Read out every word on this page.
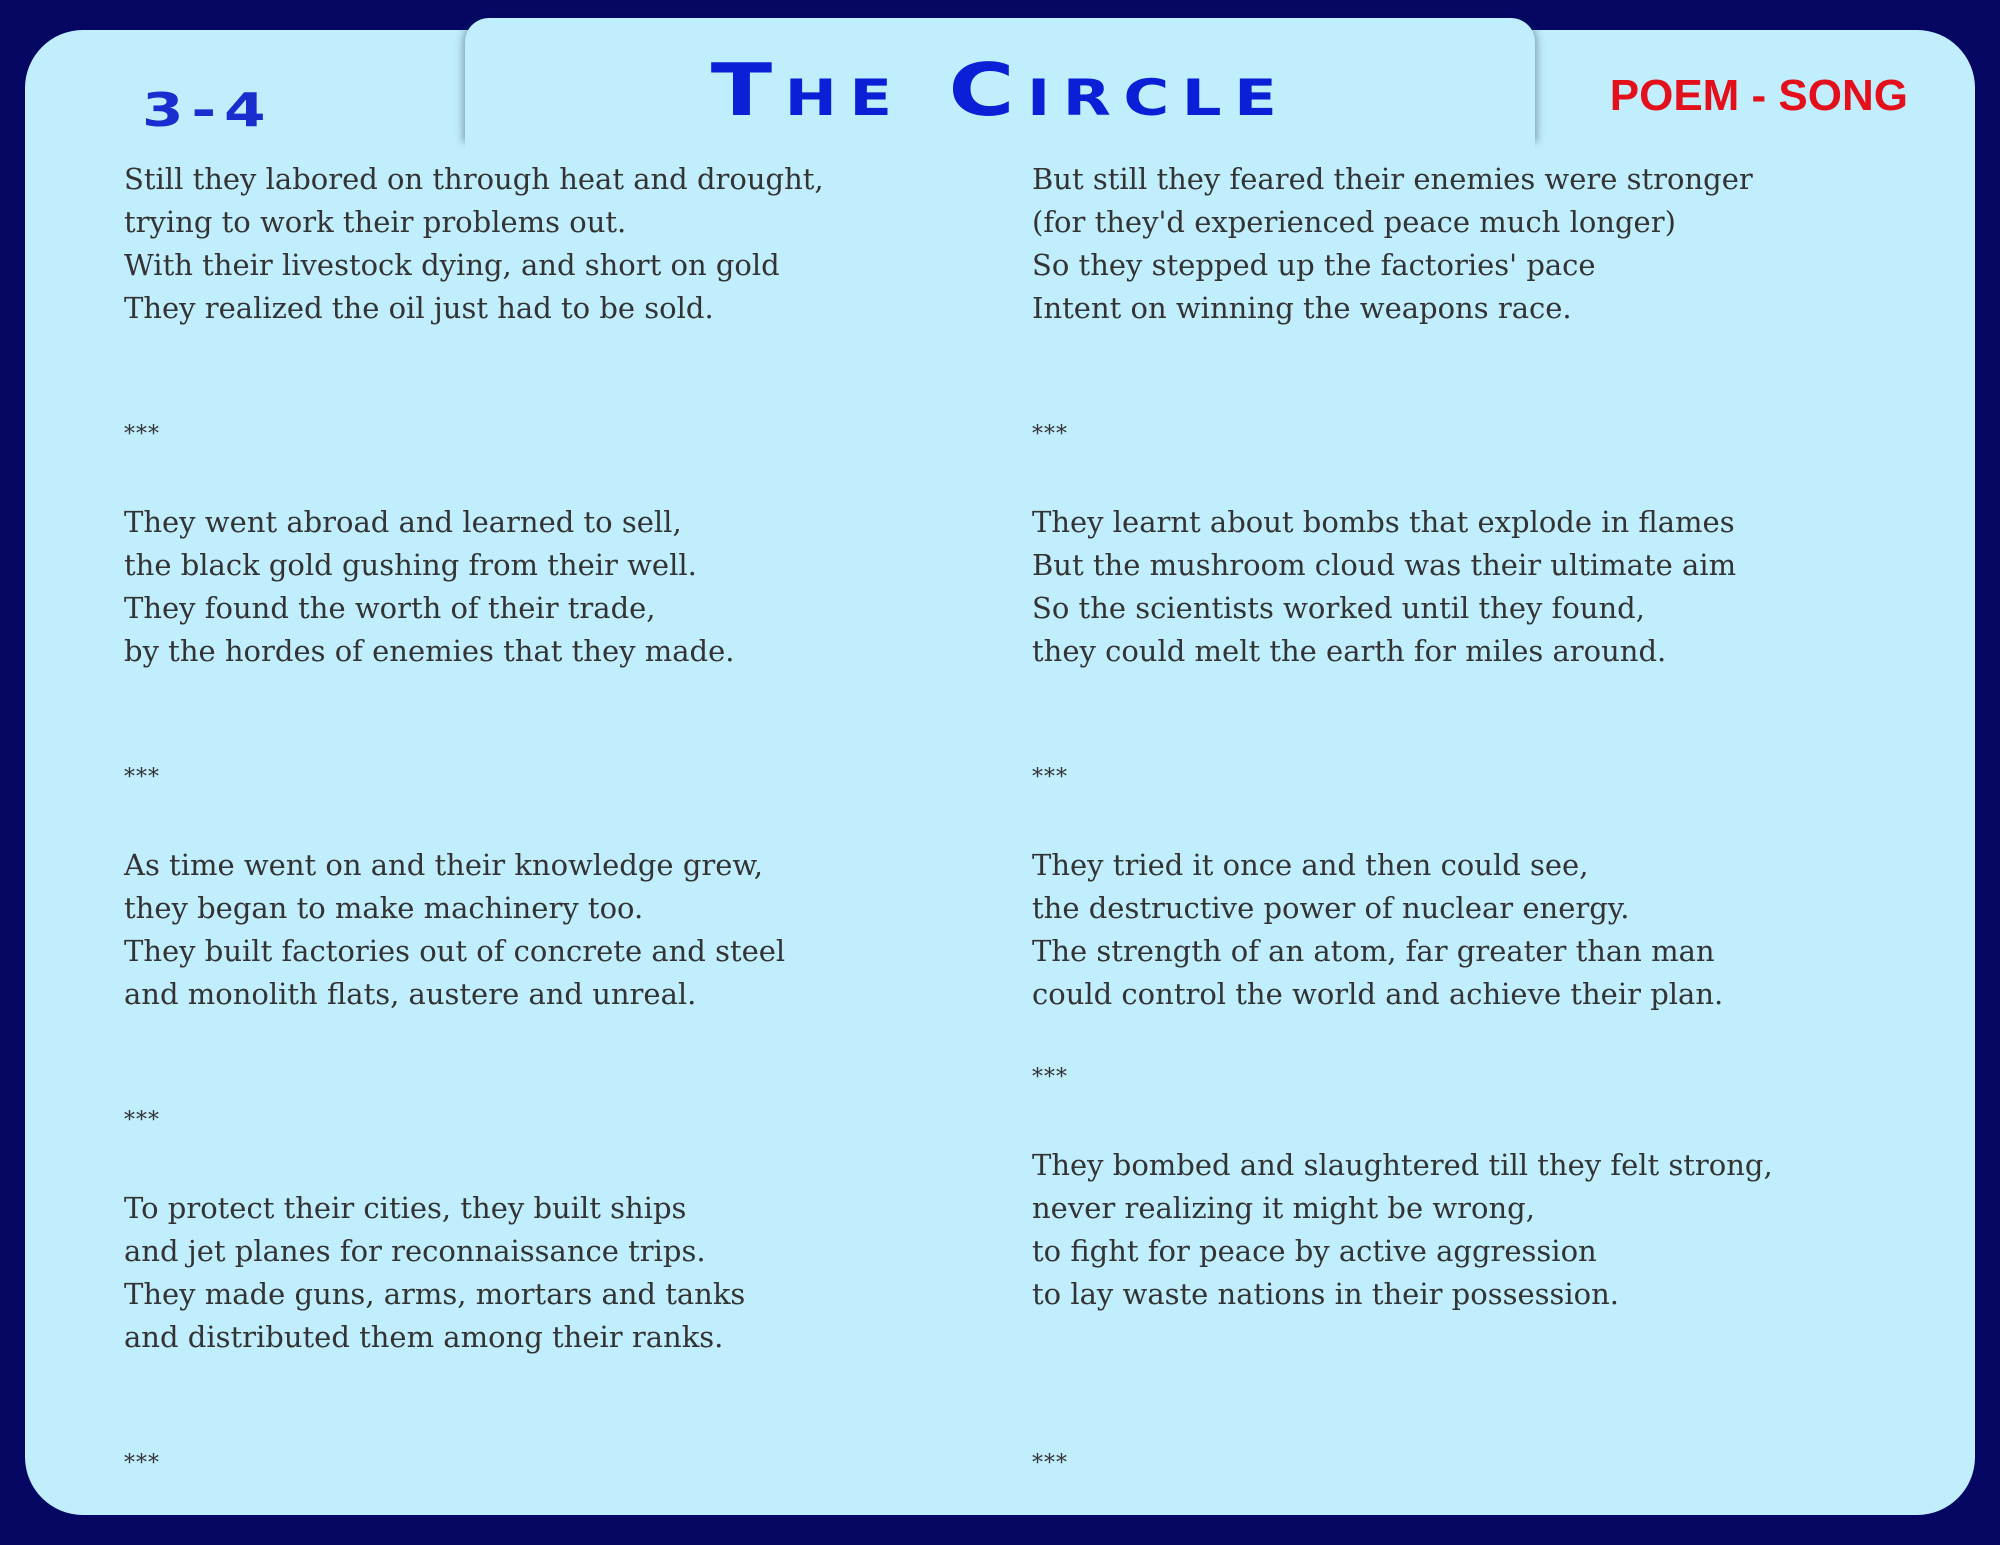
3-4	The Circle	POEM - SONG
Still they labored on through heat and drought,
trying to work their problems out.
With their livestock dying, and short on gold
They realized the oil just had to be sold.
***
They went abroad and learned to sell,
the black gold gushing from their well.
They found the worth of their trade,
by the hordes of enemies that they made.
***
As time went on and their knowledge grew,
they began to make machinery too.
They built factories out of concrete and steel
and monolith flats, austere and unreal.
***
To protect their cities, they built ships
and jet planes for reconnaissance trips.
They made guns, arms, mortars and tanks
and distributed them among their ranks.
***
But still they feared their enemies were stronger
(for they'd experienced peace much longer)
So they stepped up the factories' pace
Intent on winning the weapons race.
***
They learnt about bombs that explode in flames
But the mushroom cloud was their ultimate aim
So the scientists worked until they found,
they could melt the earth for miles around.
***
They tried it once and then could see,
the destructive power of nuclear energy.
The strength of an atom, far greater than man
could control the world and achieve their plan.
***
They bombed and slaughtered till they felt strong,
never realizing it might be wrong,
to fight for peace by active aggression
to lay waste nations in their possession.
***
